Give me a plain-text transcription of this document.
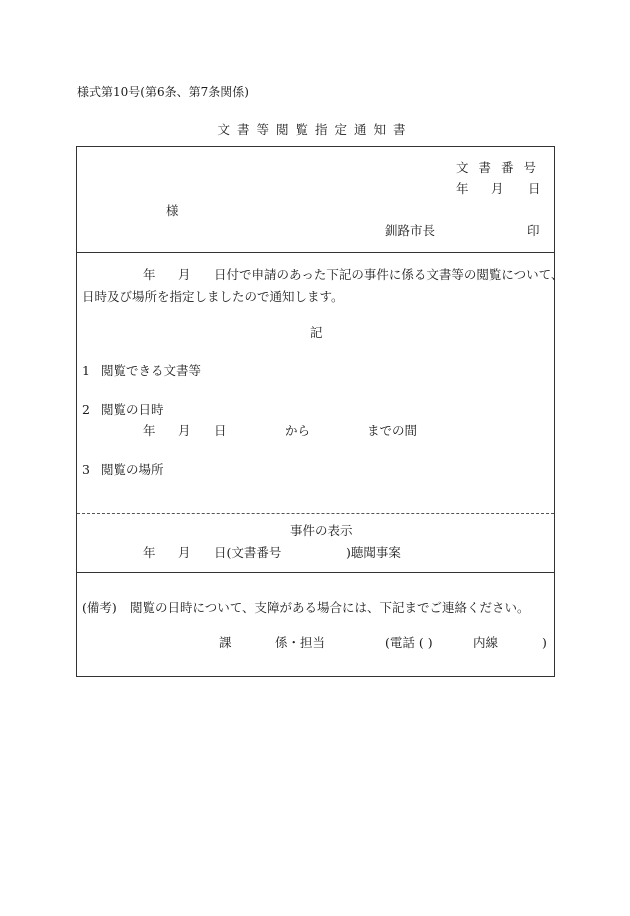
様式第10号(第6条、第7条関係)
文書等閲覧指定通知書
文書番号
年 月 日
様
釧路市長	印
年 月 日付で申請のあった下記の事件に係る文書等の閲覧について、
日時及び場所を指定しましたので通知します。
記
1 閲覧できる文書等
2 閲覧の日時
年 月 日	から	までの間
3 閲覧の場所
事件の表示
年 月 日(文書番号	)聴聞事案
(備考) 閲覧の日時について、支障がある場合には、下記までご連絡ください。
課	係・担当	(電話 ( )	内線	)
